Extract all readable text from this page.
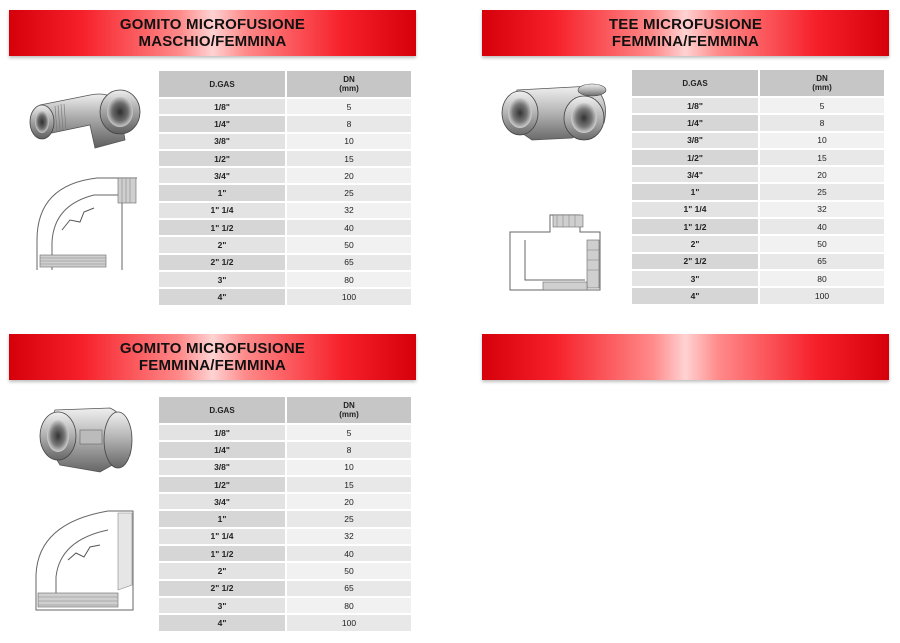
GOMITO MICROFUSIONE
MASCHIO/FEMMINA
D.GAS	DN
(mm)
1/8"	5
1/4"	8
3/8"	10
1/2"	15
3/4"	20
1"	25
1" 1/4	32
1" 1/2	40
2"	50
2" 1/2	65
3"	80
4"	100
TEE MICROFUSIONE
FEMMINA/FEMMINA
D.GAS	DN
(mm)
1/8"	5
1/4"	8
3/8"	10
1/2"	15
3/4"	20
1"	25
1" 1/4	32
1" 1/2	40
2"	50
2" 1/2	65
3"	80
4"	100
GOMITO MICROFUSIONE
FEMMINA/FEMMINA
D.GAS	DN
(mm)
1/8"	5
1/4"	8
3/8"	10
1/2"	15
3/4"	20
1"	25
1" 1/4	32
1" 1/2	40
2"	50
2" 1/2	65
3"	80
4"	100
